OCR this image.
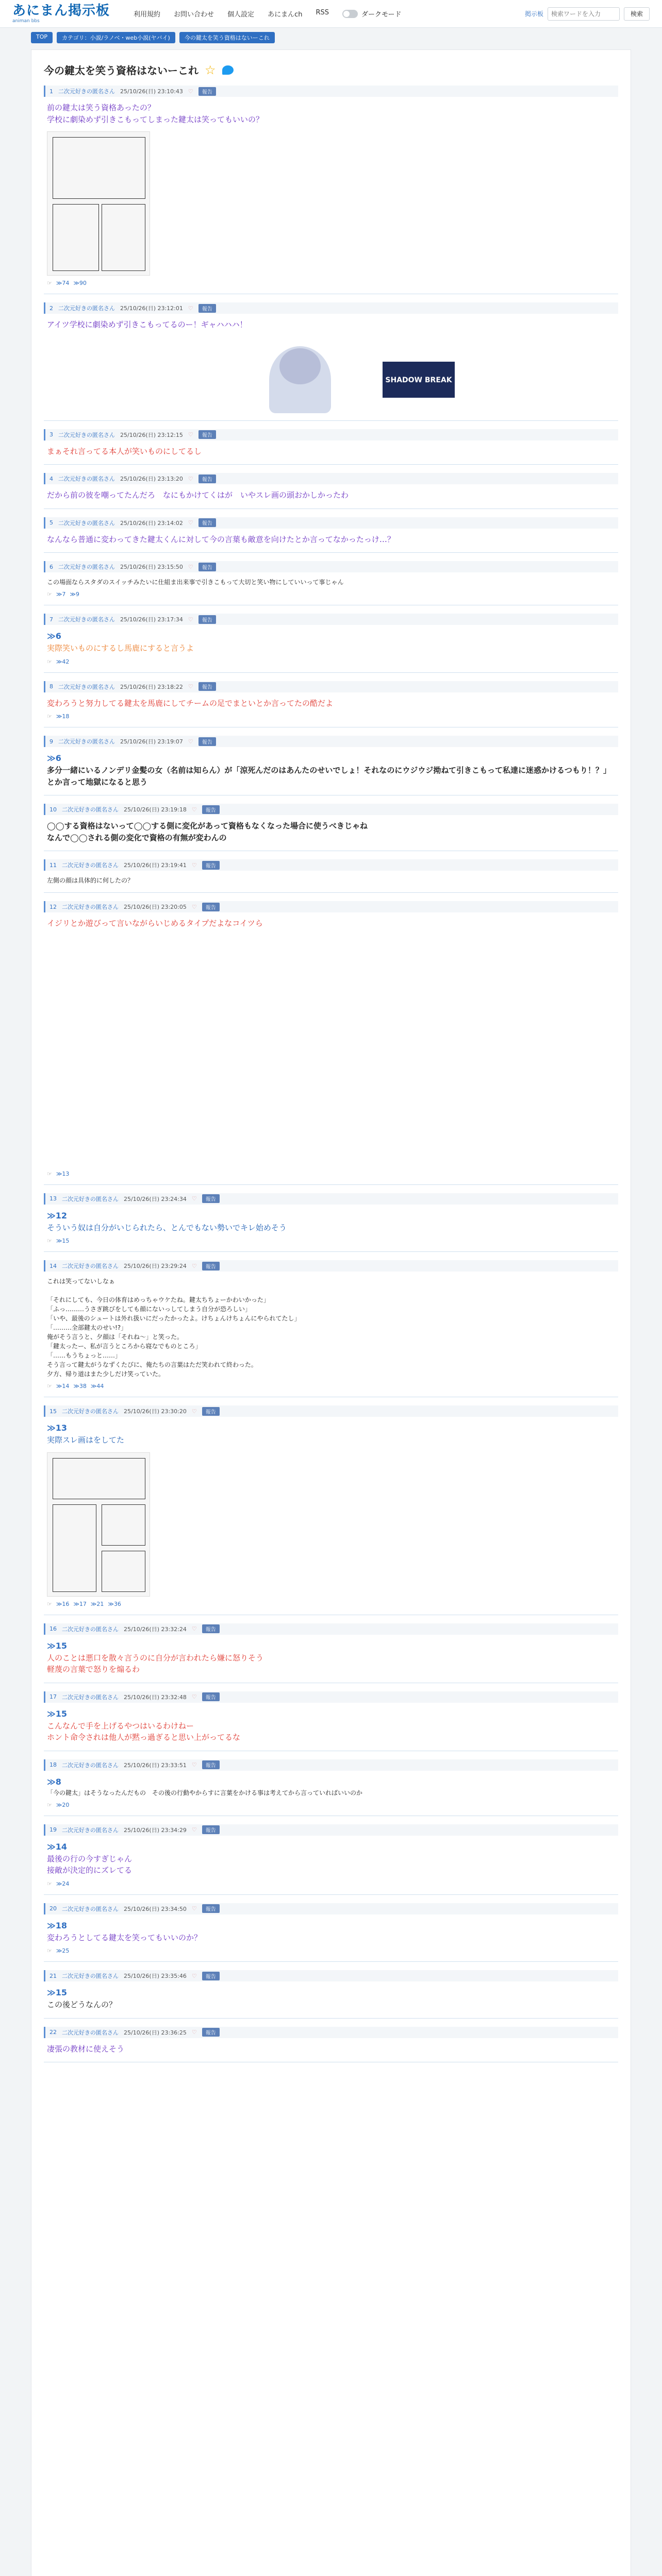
あにまん掲示板
animan bbs
利用規約 お問い合わせ 個人設定 あにまんch RSS	ダークモード	掲示板
検索ワードを入力	検索
TOP	カテゴリ：小説/ラノベ・web小説(ヤバイ)	今の鍵太を笑う資格はないーこれ
今の鍵太を笑う資格はないーこれ ☆
1 二次元好きの匿名さん 25/10/26(日) 23:10:43 ♡	報告
前の鍵太は笑う資格あったの？
学校に劇染めず引きこもってしまった鍵太は笑ってもいいの？
☞ ≫74 ≫90
2 二次元好きの匿名さん 25/10/26(日) 23:12:01 ♡	報告
アイツ学校に劇染めず引きこもってるのー！ギャハハハ！
SHADOW BREAK
3 二次元好きの匿名さん 25/10/26(日) 23:12:15 ♡	報告
まぁそれ言ってる本人が笑いものにしてるし
4 二次元好きの匿名さん 25/10/26(日) 23:13:20 ♡	報告
だから前の彼を嘲ってたんだろ　なにもかけてくはが　いやスレ画の頭おかしかったわ
5 二次元好きの匿名さん 25/10/26(日) 23:14:02 ♡	報告
なんなら普通に変わってきた鍵太くんに対して今の言葉も敵意を向けたとか言ってなかったっけ…？
6 二次元好きの匿名さん 25/10/26(日) 23:15:50 ♡	報告
この場面ならスタダのスイッチみたいに仕組ま出来事で引きこもって大切と笑い物にしていいって事じゃん
☞ ≫7 ≫9
7 二次元好きの匿名さん 25/10/26(日) 23:17:34 ♡	報告
≫6
実際笑いものにするし馬鹿にすると言うよ
☞ ≫42
8 二次元好きの匿名さん 25/10/26(日) 23:18:22 ♡	報告
変わろうと努力してる鍵太を馬鹿にしてチームの足でまといとか言ってたの酷だよ
☞ ≫18
9 二次元好きの匿名さん 25/10/26(日) 23:19:07 ♡	報告
≫6
多分一緒にいるノンデリ金髪の女（名前は知らん）が「涼死んだのはあんたのせいでしょ！それなのにウジウジ拗ねて引きこもって私達に迷惑かけるつもり！？」とか言って地獄になると思う
10 二次元好きの匿名さん 25/10/26(日) 23:19:18 ♡	報告
◯◯する資格はないって◯◯する側に変化があって資格もなくなった場合に使うべきじゃね
なんで◯◯される側の変化で資格の有無が変わんの
11 二次元好きの匿名さん 25/10/26(日) 23:19:41 ♡	報告
左側の顔は具体的に何したの？
12 二次元好きの匿名さん 25/10/26(日) 23:20:05 ♡	報告
イジリとか遊びって言いながらいじめるタイプだよなコイツら
☞ ≫13
13 二次元好きの匿名さん 25/10/26(日) 23:24:34 ♡	報告
≫12
そういう奴は自分がいじられたら、とんでもない勢いでキレ始めそう
☞ ≫15
14 二次元好きの匿名さん 25/10/26(日) 23:29:24 ♡	報告
これは笑ってないしなぁ

「それにしても、今日の体育はめっちゃウケたね。鍵太ちちょーかわいかった」
「ふっ………うさぎ跳びをしても顔にないっしてしまう自分が恐ろしい」
「いや、最後のシュートは外れ扱いにだったかったよ。けちょんけちょんにやられてたし」
「………全部鍵太のせい!?」
俺がそう言うと、夕顔は「それね～」と笑った。
「鍵太ったー、私が言うところから寝なでものところ」
「……もうちょっと……」
そう言って鍵太がうなずくたびに、俺たちの言葉はただ笑われて終わった。
夕方、帰り道はまた少しだけ笑っていた。
☞ ≫14 ≫38 ≫44
15 二次元好きの匿名さん 25/10/26(日) 23:30:20 ♡	報告
≫13
実際スレ画はをしてた
☞ ≫16 ≫17 ≫21 ≫36
16 二次元好きの匿名さん 25/10/26(日) 23:32:24 ♡	報告
≫15
人のことは悪口を散々言うのに自分が言われたら嫌に怒りそう
軽蔑の言葉で怒りを煽るわ
17 二次元好きの匿名さん 25/10/26(日) 23:32:48 ♡	報告
≫15
こんなんで手を上げるやつはいるわけねー
ホント命令されは他人が黙っ過ぎると思い上がってるな
18 二次元好きの匿名さん 25/10/26(日) 23:33:51 ♡	報告
≫8
「今の鍵太」はそうなったんだもの　その後の行動やからすに言葉をかける事は考えてから言っていればいいのか
☞ ≫20
19 二次元好きの匿名さん 25/10/26(日) 23:34:29 ♡	報告
≫14
最後の行の今すぎじゃん
接敵が決定的にズレてる
☞ ≫24
20 二次元好きの匿名さん 25/10/26(日) 23:34:50 ♡	報告
≫18
変わろうとしてる鍵太を笑ってもいいのか？
☞ ≫25
21 二次元好きの匿名さん 25/10/26(日) 23:35:46 ♡	報告
≫15
この後どうなんの？
22 二次元好きの匿名さん 25/10/26(日) 23:36:25 ♡	報告
凄張の教材に使えそう
